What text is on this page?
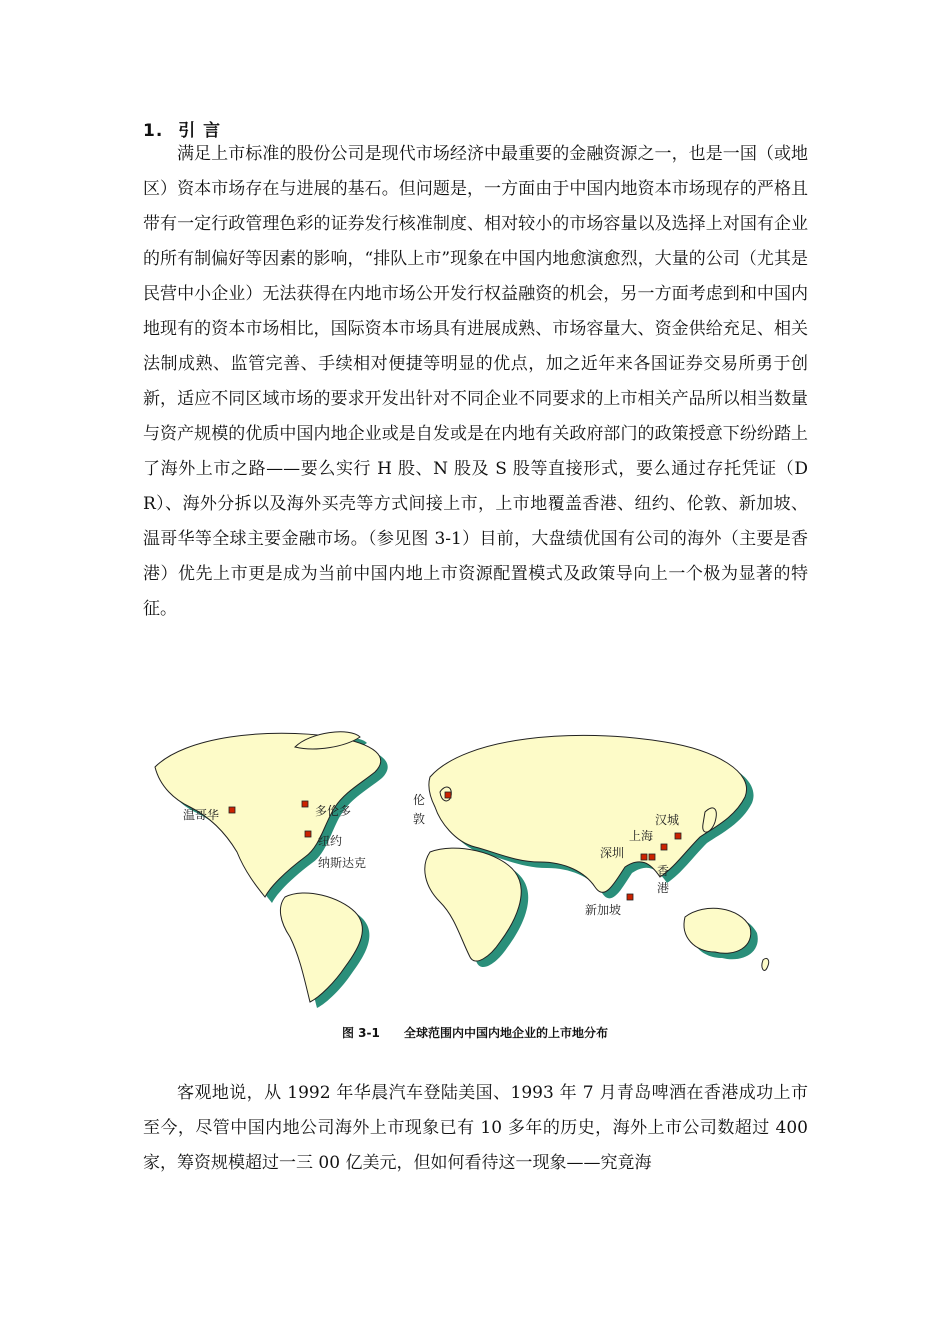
1. 引 言

满足上市标准的股份公司是现代市场经济中最重要的金融资源之一，也是一国（或地区）资本市场存在与进展的基石。但问题是，一方面由于中国内地资本市场现存的严格且带有一定行政管理色彩的证券发行核准制度、相对较小的市场容量以及选择上对国有企业的所有制偏好等因素的影响，“排队上市”现象在中国内地愈演愈烈，大量的公司（尤其是民营中小企业）无法获得在内地市场公开发行权益融资的机会，另一方面考虑到和中国内地现有的资本市场相比，国际资本市场具有进展成熟、市场容量大、资金供给充足、相关法制成熟、监管完善、手续相对便捷等明显的优点，加之近年来各国证券交易所勇于创新，适应不同区域市场的要求开发出针对不同企业不同要求的上市相关产品所以相当数量与资产规模的优质中国内地企业或是自发或是在内地有关政府部门的政策授意下纷纷踏上了海外上市之路——要么实行 H 股、N 股及 S 股等直接形式，要么通过存托凭证（DR）、海外分拆以及海外买壳等方式间接上市，上市地覆盖香港、纽约、伦敦、新加坡、温哥华等全球主要金融市场。（参见图 3-1）目前，大盘绩优国有公司的海外（主要是香港）优先上市更是成为当前中国内地上市资源配置模式及政策导向上一个极为显著的特征。

温哥华	多伦多
纽约
纳斯达克
伦
敦	汉城
上海
深圳
香
港
新加坡
图 3-1 全球范围内中国内地企业的上市地分布

客观地说，从 1992 年华晨汽车登陆美国、1993 年 7 月青岛啤酒在香港成功上市至今，尽管中国内地公司海外上市现象已有 10 多年的历史，海外上市公司数超过 400 家，筹资规模超过一三 00 亿美元，但如何看待这一现象——究竟海
